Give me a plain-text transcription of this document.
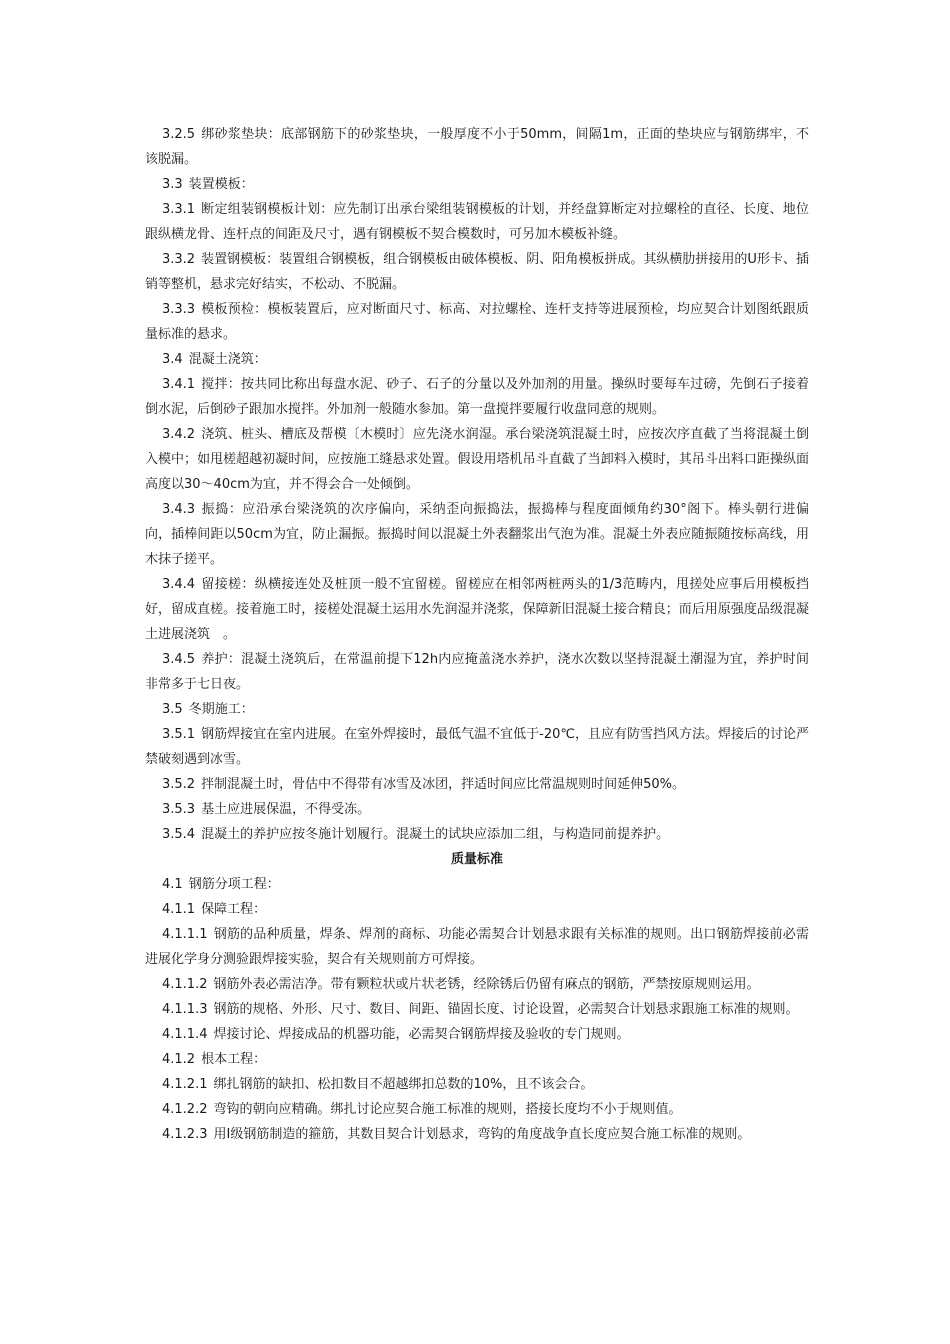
3.2.5 绑砂浆垫块：底部钢筋下的砂浆垫块，一般厚度不小于50mm，间隔1m，正面的垫块应与钢筋绑牢，不该脱漏。

3.3 装置模板：

3.3.1 断定组装钢模板计划：应先制订出承台梁组装钢模板的计划，并经盘算断定对拉螺栓的直径、长度、地位跟纵横龙骨、连杆点的间距及尺寸，遇有钢模板不契合模数时，可另加木模板补缝。

3.3.2 装置钢模板：装置组合钢模板，组合钢模板由破体模板、阴、阳角模板拼成。其纵横肋拼接用的U形卡、插销等整机，悬求完好结实，不松动、不脱漏。

3.3.3 模板预检：模板装置后，应对断面尺寸、标高、对拉螺栓、连杆支持等进展预检，均应契合计划图纸跟质量标准的悬求。

3.4 混凝土浇筑：

3.4.1 搅拌：按共同比称出每盘水泥、砂子、石子的分量以及外加剂的用量。操纵时要每车过磅，先倒石子接着倒水泥，后倒砂子跟加水搅拌。外加剂一般随水参加。第一盘搅拌要履行收盘同意的规则。

3.4.2 浇筑、桩头、槽底及帮模〔木模时〕应先浇水润湿。承台梁浇筑混凝土时，应按次序直截了当将混凝土倒入模中；如甩槎超越初凝时间，应按施工缝悬求处置。假设用塔机吊斗直截了当卸料入模时，其吊斗出料口距操纵面高度以30～40cm为宜，并不得会合一处倾倒。

3.4.3 振捣：应沿承台梁浇筑的次序偏向，采纳歪向振捣法，振捣棒与程度面倾角约30°阁下。棒头朝行进偏向，插棒间距以50cm为宜，防止漏振。振捣时间以混凝土外表翻浆出气泡为准。混凝土外表应随振随按标高线，用木抹子搓平。

3.4.4 留接槎：纵横接连处及桩顶一般不宜留槎。留槎应在相邻两桩两头的1/3范畴内，甩搓处应事后用模板挡好，留成直槎。接着施工时，接槎处混凝土运用水先润湿并浇浆，保障新旧混凝土接合精良；而后用原强度品级混凝土进展浇筑　。

3.4.5 养护：混凝土浇筑后，在常温前提下12h内应掩盖浇水养护，浇水次数以坚持混凝土潮湿为宜，养护时间非常多于七日夜。

3.5 冬期施工：

3.5.1 钢筋焊接宜在室内进展。在室外焊接时，最低气温不宜低于-20℃，且应有防雪挡风方法。焊接后的讨论严禁破刻遇到冰雪。

3.5.2 拌制混凝土时，骨估中不得带有冰雪及冰团，拌适时间应比常温规则时间延伸50%。

3.5.3 基土应进展保温，不得受冻。

3.5.4 混凝土的养护应按冬施计划履行。混凝土的试块应添加二组，与构造同前提养护。

质量标准

4.1 钢筋分项工程：

4.1.1 保障工程：

4.1.1.1 钢筋的品种质量，焊条、焊剂的商标、功能必需契合计划悬求跟有关标准的规则。出口钢筋焊接前必需进展化学身分测验跟焊接实验，契合有关规则前方可焊接。

4.1.1.2 钢筋外表必需洁净。带有颗粒状或片状老锈，经除锈后仍留有麻点的钢筋，严禁按原规则运用。

4.1.1.3 钢筋的规格、外形、尺寸、数目、间距、锚固长度、讨论设置，必需契合计划悬求跟施工标准的规则。

4.1.1.4 焊接讨论、焊接成品的机器功能，必需契合钢筋焊接及验收的专门规则。

4.1.2 根本工程：

4.1.2.1 绑扎钢筋的缺扣、松扣数目不超越绑扣总数的10%，且不该会合。

4.1.2.2 弯钩的朝向应精确。绑扎讨论应契合施工标准的规则，搭接长度均不小于规则值。

4.1.2.3 用Ⅰ级钢筋制造的箍筋，其数目契合计划悬求，弯钩的角度战争直长度应契合施工标准的规则。
